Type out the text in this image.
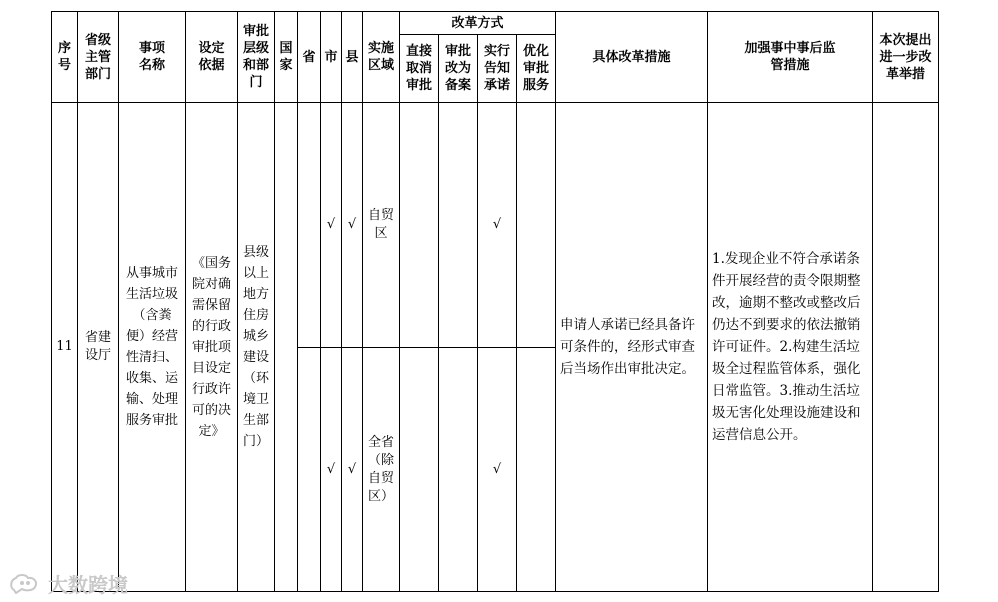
序号	省级主管部门	事项名称	设定依据	审批层级和部门	国家	省	市	县	实施区域	改革方式				具体改革措施	加强事中事后监管措施	本次提出进一步改革举措
										直接取消审批	审批改为备案	实行告知承诺	优化审批服务			
11	省建设厅	从事城市生活垃圾（含粪便）经营性清扫、收集、运输、处理服务审批	《国务院对确需保留的行政审批项目设定行政许可的决定》	县级以上地方住房城乡建设（环境卫生部门）			√	√	自贸区			√		申请人承诺已经具备许可条件的，经形式审查后当场作出审批决定。	1.发现企业不符合承诺条件开展经营的责令限期整改，逾期不整改或整改后仍达不到要求的依法撤销许可证件。2.构建生活垃圾全过程监管体系，强化日常监管。3.推动生活垃圾无害化处理设施建设和运营信息公开。	

							√	√	全省（除自贸区）			√				
大数跨境
